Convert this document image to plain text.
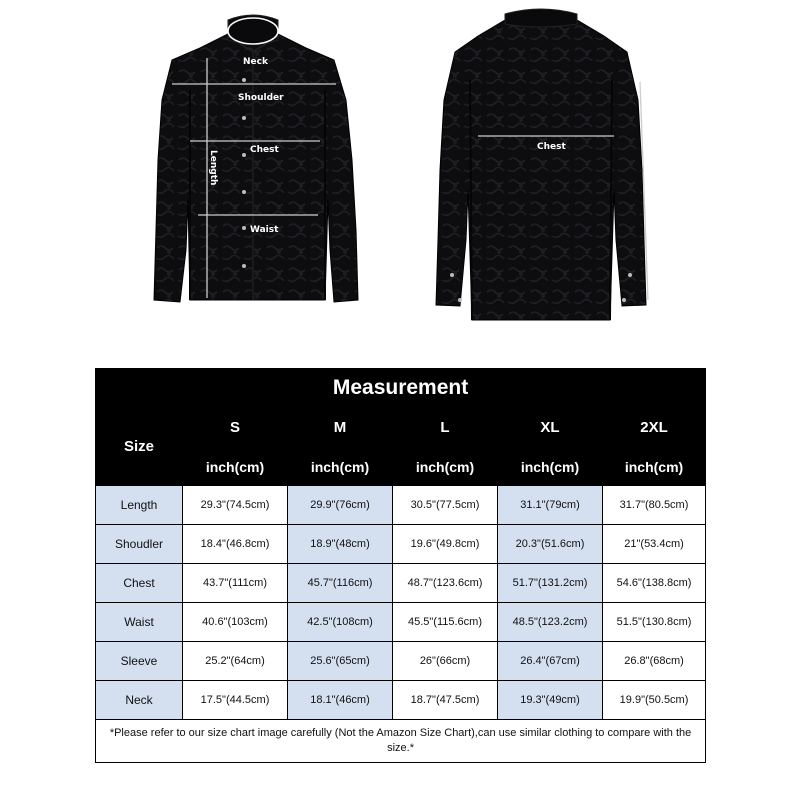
Neck
Shoulder
Chest
Waist
Length
Chest
Sleeve
Measurement					
Size	S	M	L	XL	2XL
	inch(cm)	inch(cm)	inch(cm)	inch(cm)	inch(cm)
Length	29.3"(74.5cm)	29.9"(76cm)	30.5"(77.5cm)	31.1"(79cm)	31.7"(80.5cm)
Shoudler	18.4"(46.8cm)	18.9"(48cm)	19.6"(49.8cm)	20.3"(51.6cm)	21"(53.4cm)
Chest	43.7"(111cm)	45.7"(116cm)	48.7"(123.6cm)	51.7"(131.2cm)	54.6"(138.8cm)
Waist	40.6"(103cm)	42.5"(108cm)	45.5"(115.6cm)	48.5"(123.2cm)	51.5"(130.8cm)
Sleeve	25.2"(64cm)	25.6"(65cm)	26"(66cm)	26.4"(67cm)	26.8"(68cm)
Neck	17.5"(44.5cm)	18.1"(46cm)	18.7"(47.5cm)	19.3"(49cm)	19.9"(50.5cm)
*Please refer to our size chart image carefully (Not the Amazon Size Chart),can use similar clothing to compare with the size.*					
